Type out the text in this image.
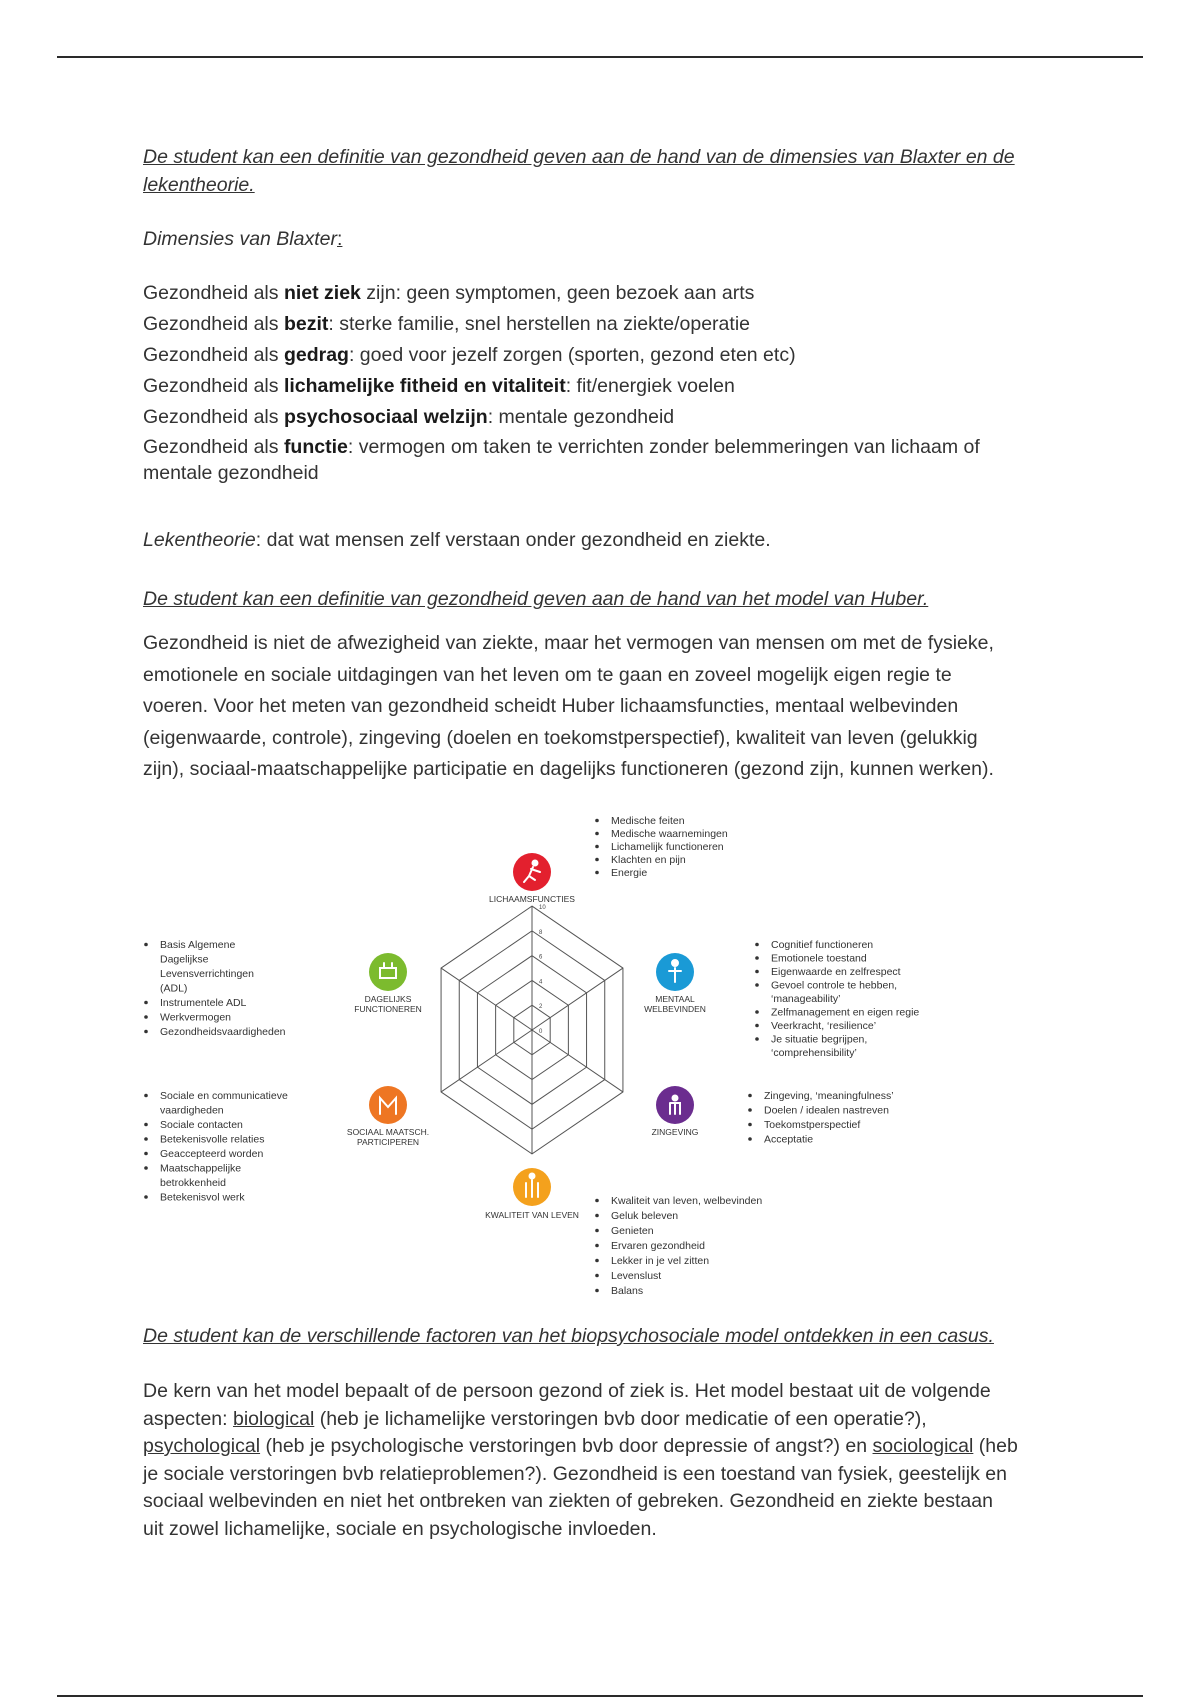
De student kan een definitie van gezondheid geven aan de hand van de dimensies van Blaxter en de
lekentheorie.
Dimensies van Blaxter:
Gezondheid als niet ziek zijn: geen symptomen, geen bezoek aan arts
Gezondheid als bezit: sterke familie, snel herstellen na ziekte/operatie
Gezondheid als gedrag: goed voor jezelf zorgen (sporten, gezond eten etc)
Gezondheid als lichamelijke fitheid en vitaliteit: fit/energiek voelen
Gezondheid als psychosociaal welzijn: mentale gezondheid
Gezondheid als functie: vermogen om taken te verrichten zonder belemmeringen van lichaam of
mentale gezondheid
Lekentheorie: dat wat mensen zelf verstaan onder gezondheid en ziekte.
De student kan een definitie van gezondheid geven aan de hand van het model van Huber.
Gezondheid is niet de afwezigheid van ziekte, maar het vermogen van mensen om met de fysieke,
emotionele en sociale uitdagingen van het leven om te gaan en zoveel mogelijk eigen regie te
voeren. Voor het meten van gezondheid scheidt Huber lichaamsfuncties, mentaal welbevinden
(eigenwaarde, controle), zingeving (doelen en toekomstperspectief), kwaliteit van leven (gelukkig
zijn), sociaal-maatschappelijke participatie en dagelijks functioneren (gezond zijn, kunnen werken).
De student kan de verschillende factoren van het biopsychosociale model ontdekken in een casus.
De kern van het model bepaalt of de persoon gezond of ziek is. Het model bestaat uit de volgende
aspecten: biological (heb je lichamelijke verstoringen bvb door medicatie of een operatie?),
psychological (heb je psychologische verstoringen bvb door depressie of angst?) en sociological (heb
je sociale verstoringen bvb relatieproblemen?). Gezondheid is een toestand van fysiek, geestelijk en
sociaal welbevinden en niet het ontbreken van ziekten of gebreken. Gezondheid en ziekte bestaan
uit zowel lichamelijke, sociale en psychologische invloeden.
10
8
6
4
2
0
LICHAAMSFUNCTIES
MENTAAL WELBEVINDEN
ZINGEVING
KWALITEIT VAN LEVEN
SOCIAAL MAATSCH. PARTICIPEREN
DAGELIJKS FUNCTIONEREN
Medische feiten
Medische waarnemingen
Lichamelijk functioneren
Klachten en pijn
Energie
Cognitief functioneren
Emotionele toestand
Eigenwaarde en zelfrespect
Gevoel controle te hebben,
‘manageability’
Zelfmanagement en eigen regie
Veerkracht, ‘resilience’
Je situatie begrijpen,
‘comprehensibility’
Zingeving, ‘meaningfulness’
Doelen / idealen nastreven
Toekomstperspectief
Acceptatie
Kwaliteit van leven, welbevinden
Geluk beleven
Genieten
Ervaren gezondheid
Lekker in je vel zitten
Levenslust
Balans
Sociale en communicatieve
vaardigheden
Sociale contacten
Betekenisvolle relaties
Geaccepteerd worden
Maatschappelijke
betrokkenheid
Betekenisvol werk
Basis Algemene
Dagelijkse
Levensverrichtingen
(ADL)
Instrumentele ADL
Werkvermogen
Gezondheidsvaardigheden
